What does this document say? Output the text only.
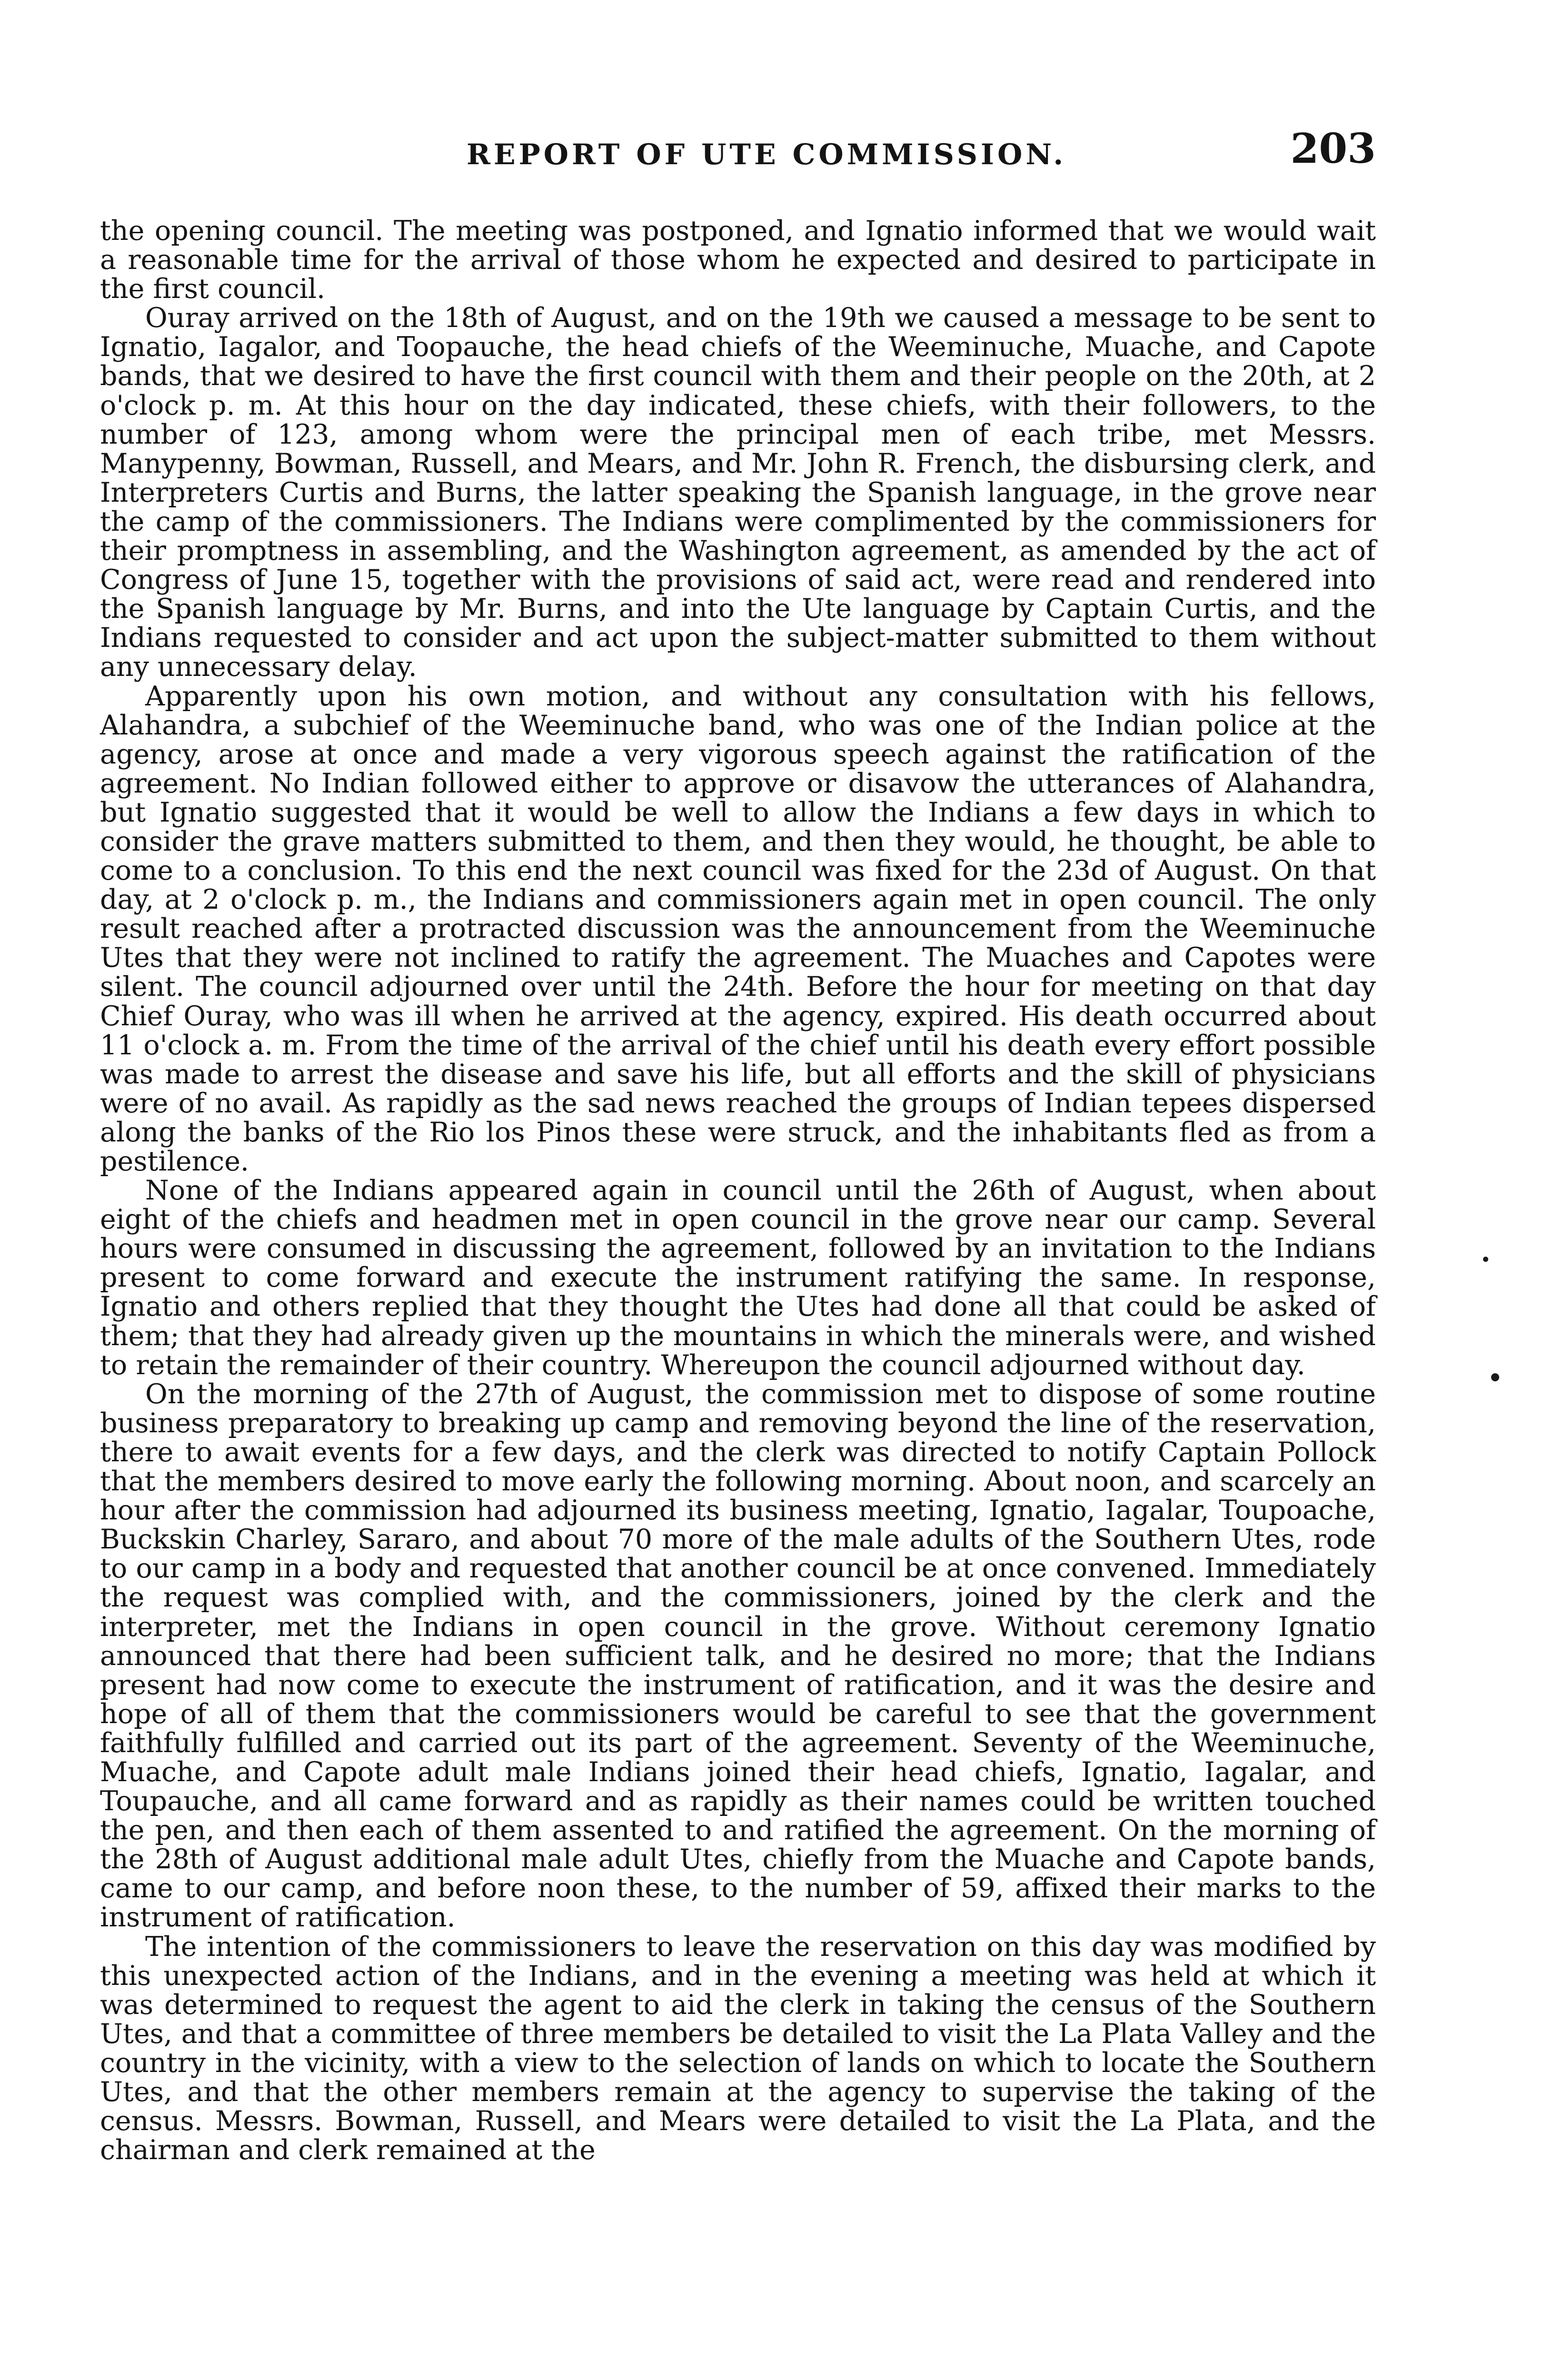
REPORT OF UTE COMMISSION.	203

the opening council. The meeting was postponed, and Ignatio informed that we would wait a reasonable time for the arrival of those whom he expected and desired to participate in the first council.

Ouray arrived on the 18th of August, and on the 19th we caused a message to be sent to Ignatio, Iagalor, and Toopauche, the head chiefs of the Weeminuche, Muache, and Capote bands, that we desired to have the first council with them and their people on the 20th, at 2 o'clock p. m. At this hour on the day indicated, these chiefs, with their followers, to the number of 123, among whom were the principal men of each tribe, met Messrs. Manypenny, Bowman, Russell, and Mears, and Mr. John R. French, the disbursing clerk, and Interpreters Curtis and Burns, the latter speaking the Spanish language, in the grove near the camp of the commissioners. The Indians were complimented by the commissioners for their promptness in assembling, and the Washington agreement, as amended by the act of Congress of June 15, together with the provisions of said act, were read and rendered into the Spanish language by Mr. Burns, and into the Ute language by Captain Curtis, and the Indians requested to consider and act upon the subject-matter submitted to them without any unnecessary delay.

Apparently upon his own motion, and without any consultation with his fellows, Alahandra, a subchief of the Weeminuche band, who was one of the Indian police at the agency, arose at once and made a very vigorous speech against the ratification of the agreement. No Indian followed either to approve or disavow the utterances of Alahandra, but Ignatio suggested that it would be well to allow the Indians a few days in which to consider the grave matters submitted to them, and then they would, he thought, be able to come to a conclusion. To this end the next council was fixed for the 23d of August. On that day, at 2 o'clock p. m., the Indians and commissioners again met in open council. The only result reached after a protracted discussion was the announcement from the Weeminuche Utes that they were not inclined to ratify the agreement. The Muaches and Capotes were silent. The council adjourned over until the 24th. Before the hour for meeting on that day Chief Ouray, who was ill when he arrived at the agency, expired. His death occurred about 11 o'clock a. m. From the time of the arrival of the chief until his death every effort possible was made to arrest the disease and save his life, but all efforts and the skill of physicians were of no avail. As rapidly as the sad news reached the groups of Indian tepees dispersed along the banks of the Rio los Pinos these were struck, and the inhabitants fled as from a pestilence.

None of the Indians appeared again in council until the 26th of August, when about eight of the chiefs and headmen met in open council in the grove near our camp. Several hours were consumed in discussing the agreement, followed by an invitation to the Indians present to come forward and execute the instrument ratifying the same. In response, Ignatio and others replied that they thought the Utes had done all that could be asked of them; that they had already given up the mountains in which the minerals were, and wished to retain the remainder of their country. Whereupon the council adjourned without day.

On the morning of the 27th of August, the commission met to dispose of some routine business preparatory to breaking up camp and removing beyond the line of the reservation, there to await events for a few days, and the clerk was directed to notify Captain Pollock that the members desired to move early the following morning. About noon, and scarcely an hour after the commission had adjourned its business meeting, Ignatio, Iagalar, Toupoache, Buckskin Charley, Sararo, and about 70 more of the male adults of the Southern Utes, rode to our camp in a body and requested that another council be at once convened. Immediately the request was complied with, and the commissioners, joined by the clerk and the interpreter, met the Indians in open council in the grove. Without ceremony Ignatio announced that there had been sufficient talk, and he desired no more; that the Indians present had now come to execute the instrument of ratification, and it was the desire and hope of all of them that the commissioners would be careful to see that the government faithfully fulfilled and carried out its part of the agreement. Seventy of the Weeminuche, Muache, and Capote adult male Indians joined their head chiefs, Ignatio, Iagalar, and Toupauche, and all came forward and as rapidly as their names could be written touched the pen, and then each of them assented to and ratified the agreement. On the morning of the 28th of August additional male adult Utes, chiefly from the Muache and Capote bands, came to our camp, and before noon these, to the number of 59, affixed their marks to the instrument of ratification.

The intention of the commissioners to leave the reservation on this day was modified by this unexpected action of the Indians, and in the evening a meeting was held at which it was determined to request the agent to aid the clerk in taking the census of the Southern Utes, and that a committee of three members be detailed to visit the La Plata Valley and the country in the vicinity, with a view to the selection of lands on which to locate the Southern Utes, and that the other members remain at the agency to supervise the taking of the census. Messrs. Bowman, Russell, and Mears were detailed to visit the La Plata, and the chairman and clerk remained at the
